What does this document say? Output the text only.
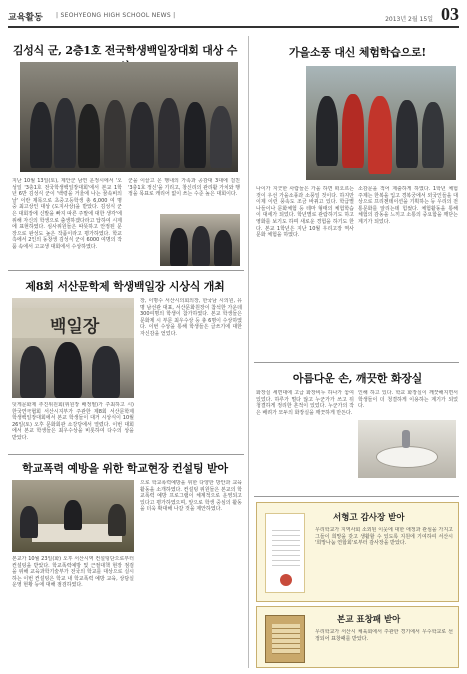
교육활동 | SEOHYEONG HIGH SCHOOL NEWS |
2013년 2월 15일 03
김성식 군, 2층1호 전국학생백일장대회 대상 수
지난 10월 13일(토), 제안군 남연 운정시에서 '오성일 '3층1호 전국학생백일장대회'에서 본교 1학년 6반 김성식 군이 '백령을 거울에 나는 꿈속비의 날' 이란 제목으로 초중고등학생 총 6,000 여 명 중 최고상인 대상 (도지사상)을 받았다. 김성식 군은 대회장에 신발을 빠지 따른 주말에 대한 생각'에 위해 자신의 학생으로 출생하겠다라고 답하여 시제에 표현하였다. 심사위원들은 따뜻하고 안정된 문장으로 완성도 높은 작품이라고 평가하였다. 학교 측에서 2인의 동창생 김성식 군이 6000 여명의 작품 속에서 고교생 대회에서 수상하였다.
군을 이끌고 온 행내의 가족과 공감대 3대에 걸친 '3층1호 정신'을 기리고, 창신리의 관리활 가치와 행정을 목표로 캐리어 없이 쓰는 수준 높은 대회이다.
제8회 서산문학제 학생백일장 시상식 개최
백일장
장, 이명수 서산시의회의장, 한국남 시의원, 유명 남선관 대표, 서산문화원장이 참석한 가운데 300여명의 학생이 참가하였다. 본교 학생들은 문화제 시 부문 최우수상 등 총 6명이 수상하였다. 이번 수상을 통해 학생들은 글쓰기에 대한 자신감을 얻었다.
덧게문화제 추진위원회(위원장 배정필)가 주최하고 시)한국연극협회 서산시지부가 주관한 제8회 서산문학제 학생백일장대회에서 본교 학생들이 대거 시상식이 10월 26일(토) 오후 문화회관 소강당에서 열렸다. 이번 대회에서 본교 학생들은 최우수상을 비롯하여 다수의 상을 받았다.
학교폭력 예방을 위한 학교현장 컨설팅 받아
으로 학교폭력예방을 위한 다양한 방안과 교육 활동을 소개하였다. 컨설팅 위원들은 본교의 학교폭력 예방 프로그램이 체계적으로 운영되고 있다고 평가하였으며, 앞으로 학생 중심의 활동을 더욱 확대해 나갈 것을 제안하였다.
본교가 10월 23일(화) 오후 서산시역 컨설팅단으로부터 컨설팅을 받았다. 학교폭력예방 및 근절대책 현장 점검을 위해 교육과학기술부가 전국의 학교를 대상으로 실시하는 이번 컨설팅은 학교 내 학교폭력 예방 교육, 상담실 운영 현황 등에 대해 점검하였다.
가을소풍 대신 체험학습으로!
나이가 지긋한 사람들은 가을 하면 떠오르는 것이 우선 가을소풍과 소풍일 것이다. 하지만 이제 이런 풍속도 조금 바뀌고 있다. 학급별 나들이나 문화체험 등 테마 형태의 체험학습이 대세가 되었다. 학년별로 관람하기도 하고 영화를 보기도 하며 새로운 경험을 하기도 한다. 본교 1학년은 지난 10월 우리고장 역사 문화 체험을 하였다.
소감문을 적어 제출하게 하였다. 1학년 체험 주제는 한복을 입고 경복궁에서 외국인들을 대상으로 프리젠테이션을 기획하는 등 우리의 전통문화를 알리는데 힘썼다. 체험활동을 통해 체험의 감동을 느끼고 소통의 중요함을 깨닫는 계기가 되었다.
아름다운 손, 깨끗한 화장실
화장실 세면대에 고급 화장비누 하나가 놓여 있었다. 하루가 멀다 않고 누군가가 쓰고 뒤 청결하게 정리한 흔적이 있었다. 누군가의 작은 배려가 모두의 화장실을 깨끗하게 만든다.
인해 하고 있다. 학교 화장실이 깨끗해지면서 학생들이 더 청결하게 이용하는 계기가 되었다.
서형고 감사장 받아
우리학교가 지역사회 소외된 이웃에 대한 애정과 관심을 가지고 그들이 희망을 갖고 생활할 수 있도록 지원에 기여하여 서산시 '희망나눔 연합회'로부터 감사장을 받았다.
본교 표창패 받아
우리학교가 서산시 체육회에서 주관한 경기에서 우수학교로 선정되어 표창패를 받았다.
